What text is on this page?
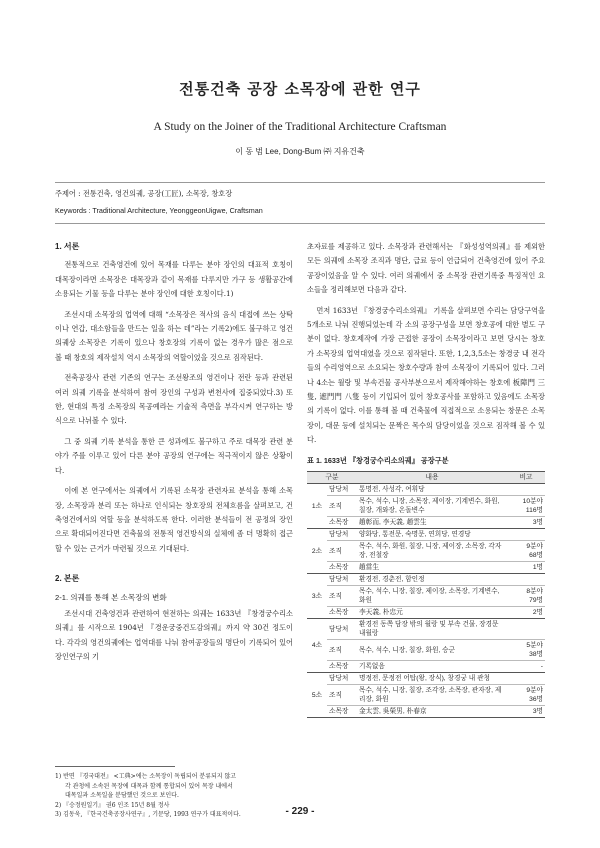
전통건축 공장 소목장에 관한 연구
A Study on the Joiner of the Traditional Architecture Craftsman
이 동 범 Lee, Dong-Bum ㈜ 지유건축
주제어 : 전통건축, 영건의궤, 공장(工匠), 소목장, 창호장
Keywords : Traditional Architecture, YeonggeonUigwe, Craftsman
1. 서론

전통적으로 건축영건에 있어 목재를 다루는 분야 장인의 대표적 호칭이 대목장이라면 소목장은 대목장과 같이 목재를 다루지만 가구 등 생활공간에 소용되는 기물 등을 다루는 분야 장인에 대한 호칭이다.1)

조선시대 소목장의 업역에 대해 “소목장은 적사의 음식 대접에 쓰는 상탁이나 연갑, 대소함들을 만드는 일을 하는 데”라는 기록2)에도 불구하고 영건의궤상 소목장은 기록이 있으나 창호장의 기록이 없는 경우가 많은 점으로 볼 때 창호의 제작설치 역시 소목장의 역할이었을 것으로 짐작된다.

전축공장사 관련 기존의 연구는 조선왕조의 영건이나 전란 등과 관련된 여러 의궤 기록을 분석하여 참여 장인의 구성과 변천사에 집중되었다.3) 또한, 현대의 특정 소목장의 목공예라는 기술적 측면을 부각시켜 연구하는 방식으로 나뉘볼 수 있다.

그 중 의궤 기록 분석을 통한 큰 성과에도 불구하고 주로 대목장 관련 분야가 주를 이루고 있어 다른 분야 공장의 연구에는 적극적이지 않은 상황이다.

이에 본 연구에서는 의궤에서 기록된 소목장 관련자료 분석을 통해 소목장, 소목장과 분리 또는 하나로 인식되는 창호장의 전체흐름을 살펴보고, 건축영건에서의 역할 등을 분석하도록 한다. 이러한 분석들이 전 공정의 장인으로 확대되어진다면 건축물의 전통적 영건방식의 실체에 좀 더 명확히 접근할 수 있는 근거가 마련될 것으로 기대된다.

2. 본론
2-1. 의궤를 통해 본 소목장의 변화

조선시대 건축영건과 관련하여 현전하는 의궤는 1633년 『창경궁수리소의궤』를 시작으로 1904년 『경운궁중건도감의궤』까지 약 30건 정도이다. 각각의 영건의궤에는 업역대를 나눠 참여공장들의 명단이 기록되어 있어 장인연구의 기

1) 반면 『경국대전』 <工典>에는 소목장이 독립되어 분류되지 않고

각 관청에 소속된 목장에 대목과 함께 통합되어 있어 목장 내에서

대목일과 소목일을 분담했던 것으로 보인다.

2) 『승정원일기』 권6 인조 15년 8월 정사

3) 김동욱, 『한국건축공장사연구』, 기문당, 1993 연구가 대표적이다.

초자료를 제공하고 있다. 소목장과 관련해서는 『화성성역의궤』를 제외한 모든 의궤에 소목장 조직과 명단, 급료 등이 언급되어 건축영건에 있어 주요 공장이었음을 알 수 있다. 여러 의궤에서 중 소목장 관련기록중 특징적인 요소들을 정리해보면 다음과 같다.

먼저 1633년 『창경궁수리소의궤』 기록을 살펴보면 수리는 담당구역을 5개소로 나눠 진행되었는데 각 소의 공장구성을 보면 창호공에 대한 별도 구분이 없다. 창호제작에 가장 근접한 공장이 소목장이라고 보면 당시는 창호가 소목장의 업역대였을 것으로 짐작된다. 또한, 1,2,3,5소는 창경궁 내 전각들의 수리영역으로 소요되는 창호수량과 참여 소목장이 기록되어 있다. 그러나 4소는 월랑 및 부속건물 공사부분으로서 제작해야하는 창호에 板障門 三隻, 遮門門 八隻 등이 기입되어 있어 창호공사를 포함하고 있음에도 소목장의 기록이 없다. 이를 통해 볼 때 건축물에 직접적으로 소용되는 창문은 소목장이, 대문 등에 설치되는 문짝은 목수의 담당이었을 것으로 짐작해 볼 수 있다.

표 1. 1633년 『창경궁수리소의궤』 공장구분
구분		내용	비고
1소	담당처	통명전, 사성각, 여휘당	
	조직	목수, 석수, 니장, 소목장, 제이장, 기계변수, 화원, 칠장, 개와장, 온돌변수	10분야
116명
	소목장	趙彰而, 李天義, 趙雲生	3명
2소	담당처	양화당, 통전문, 숙명문, 연희당, 연경당	
	조직	목수, 석수, 화원, 칠장, 니장, 제이장, 소목장, 각자장, 전철장	9분야
68명
	소목장	趙當生	1명
3소	담당처	환경전, 경춘전, 함인정	
	조직	목수, 석수, 니장, 칠장, 제이장, 소목장, 기계변수, 화원	8분야
79명
	소목장	李天義, 朴忠元	2명
4소	담당처	환경전 동쪽 담장 밖의 월랑 및 부속 건물, 장경문 내월랑	
	조직	목수, 석수, 니장, 칠장, 화원, 승군	5분야
38명
	소목장	기록없음	-
5소	담당처	명정전, 문정전 어탑(왕, 장식), 창경궁 내 관청	
	조직	목수, 석수, 니장, 칠장, 조각장, 소목장, 관자장, 제리장, 화원	9분야
36명
	소목장	金太雲, 吳榮男, 朴春京	3명
- 229 -
